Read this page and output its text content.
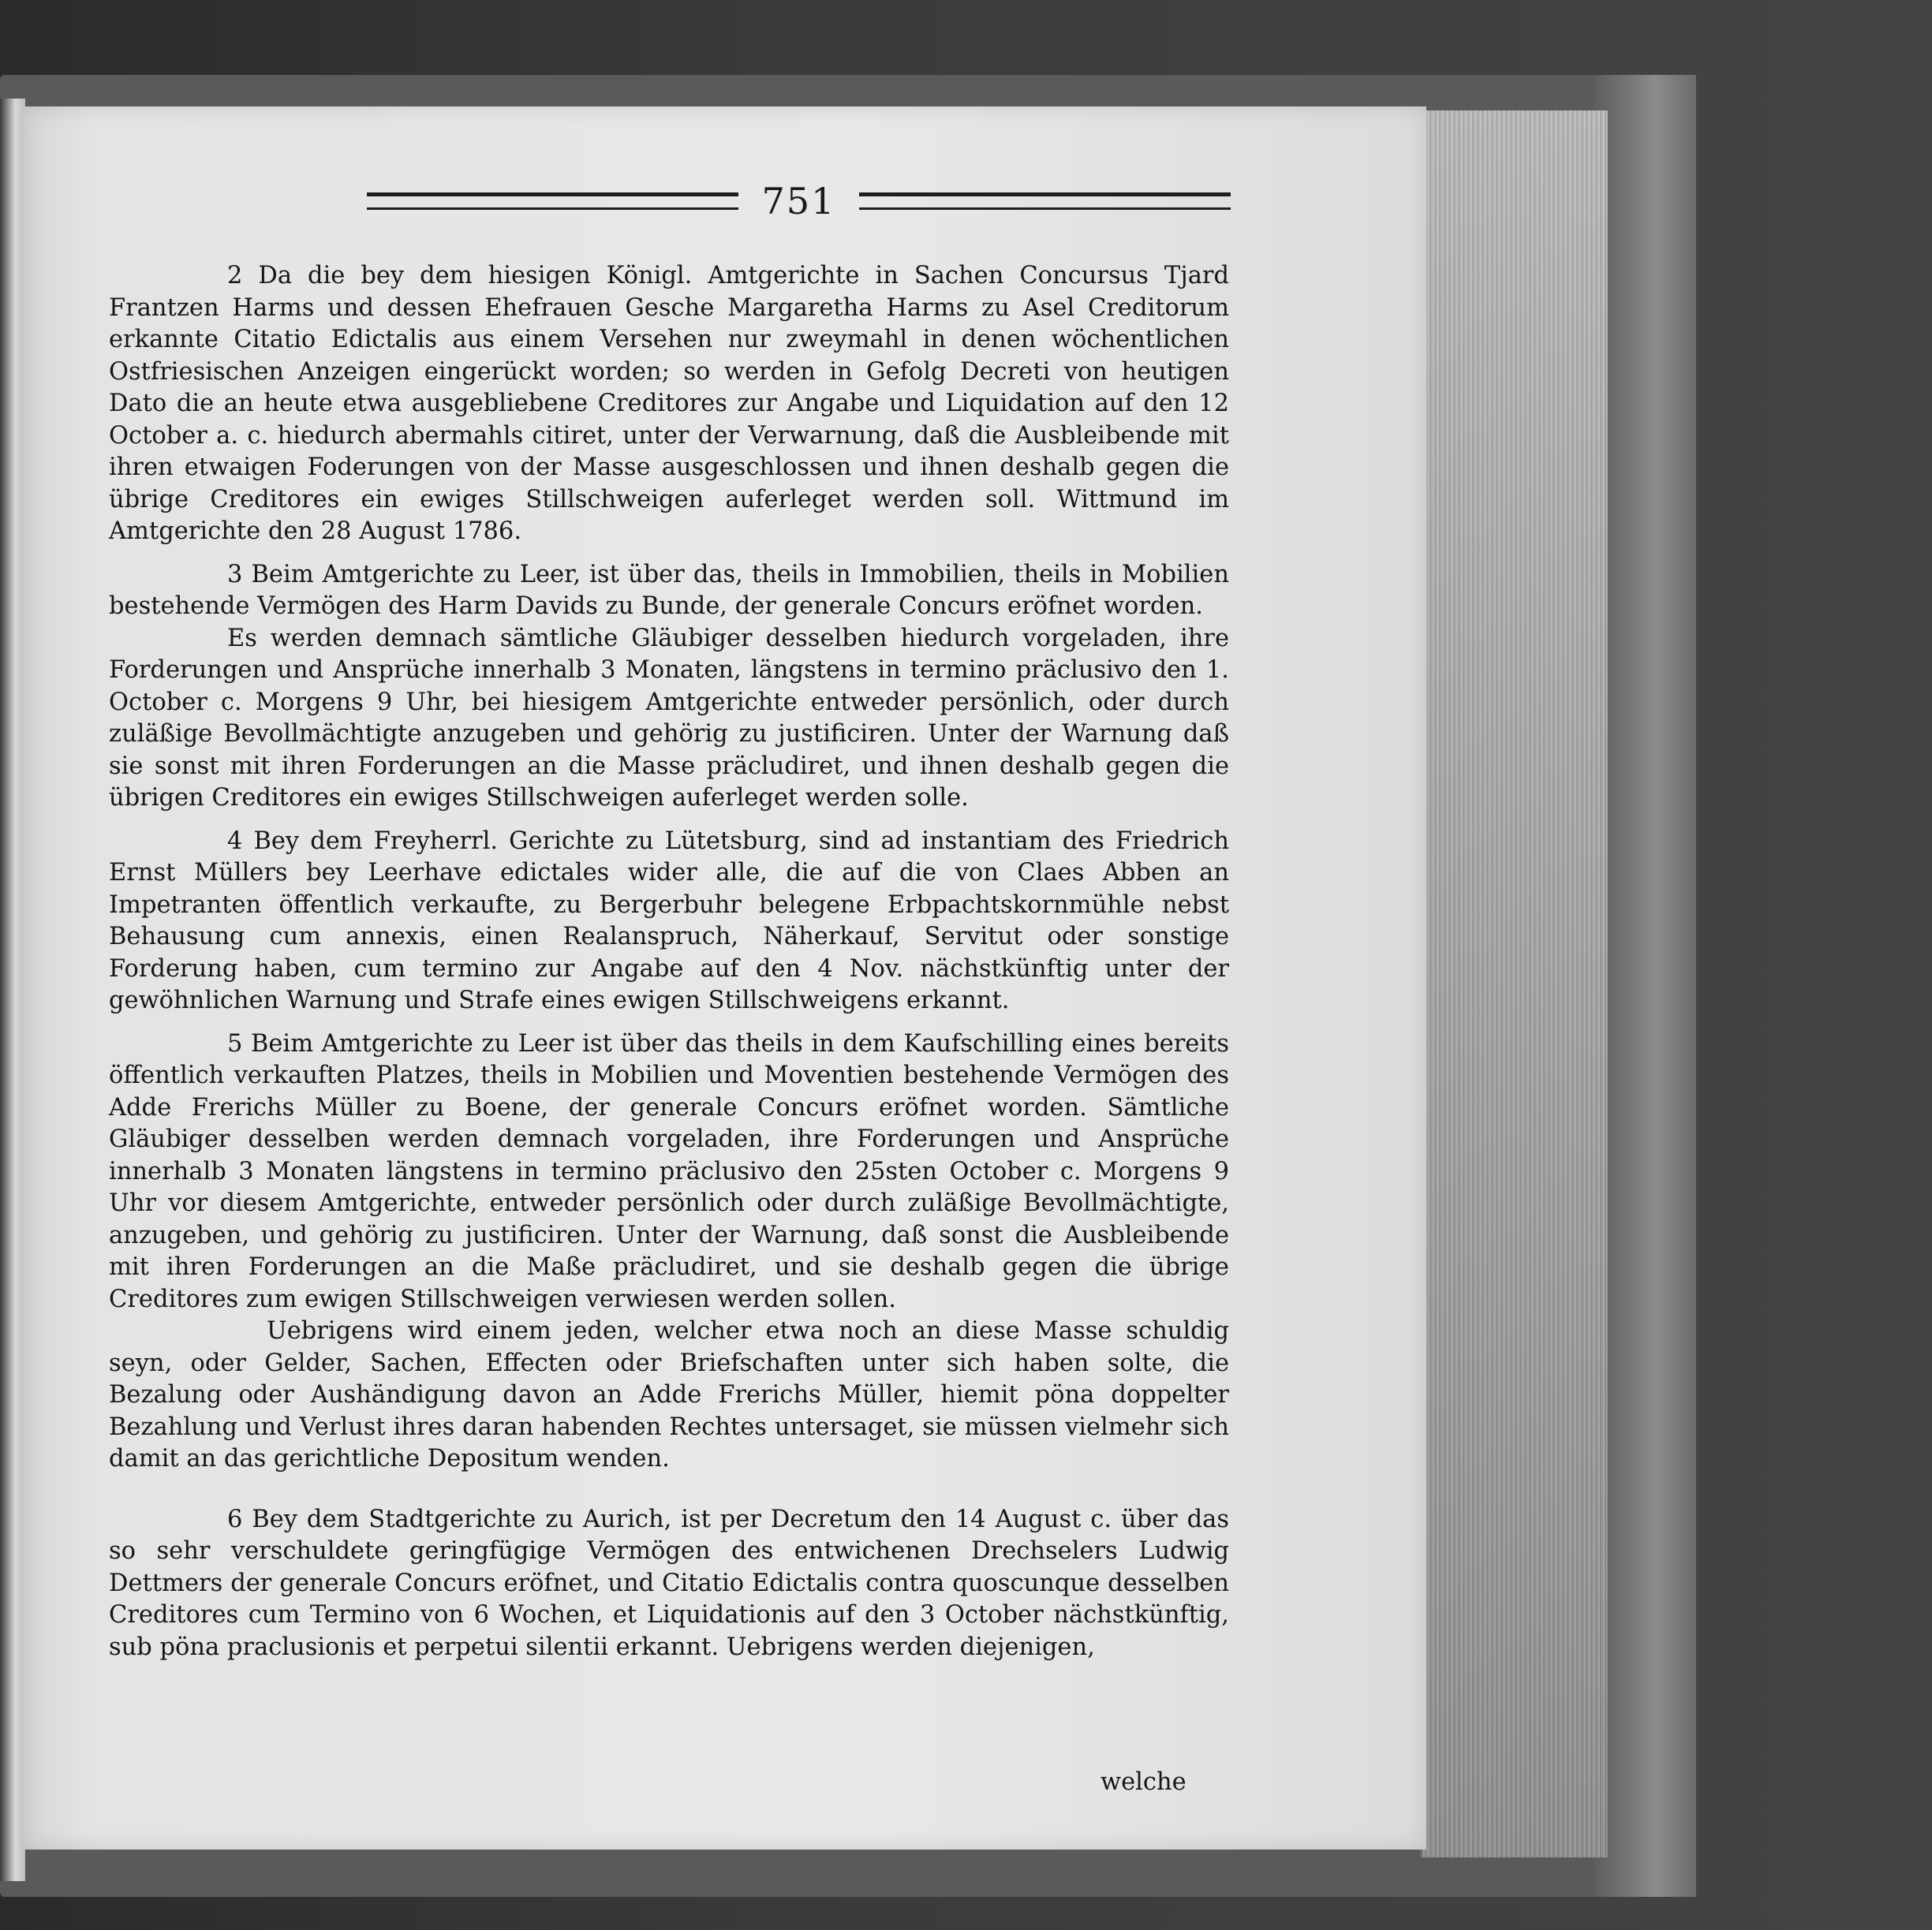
751

2 Da die bey dem hiesigen Königl. Amtgerichte in Sachen Concursus Tjard Frantzen Harms und dessen Ehefrauen Gesche Margaretha Harms zu Asel Creditorum erkannte Citatio Edictalis aus einem Versehen nur zweymahl in denen wöchentlichen Ostfriesischen Anzeigen eingerückt worden; so werden in Gefolg Decreti von heutigen Dato die an heute etwa ausgebliebene Creditores zur Angabe und Liquidation auf den 12 October a. c. hiedurch abermahls citiret, unter der Verwarnung, daß die Ausbleibende mit ihren etwaigen Foderungen von der Masse ausgeschlossen und ihnen deshalb gegen die übrige Creditores ein ewiges Stillschweigen auferleget werden soll. Wittmund im Amtgerichte den 28 August 1786.

3 Beim Amtgerichte zu Leer, ist über das, theils in Immobilien, theils in Mobilien bestehende Vermögen des Harm Davids zu Bunde, der generale Concurs eröfnet worden.

Es werden demnach sämtliche Gläubiger desselben hiedurch vorgeladen, ihre Forderungen und Ansprüche innerhalb 3 Monaten, längstens in termino präclusivo den 1. October c. Morgens 9 Uhr, bei hiesigem Amtgerichte entweder persönlich, oder durch zuläßige Bevollmächtigte anzugeben und gehörig zu justificiren. Unter der Warnung daß sie sonst mit ihren Forderungen an die Masse präcludiret, und ihnen deshalb gegen die übrigen Creditores ein ewiges Stillschweigen auferleget werden solle.

4 Bey dem Freyherrl. Gerichte zu Lütetsburg, sind ad instantiam des Friedrich Ernst Müllers bey Leerhave edictales wider alle, die auf die von Claes Abben an Impetranten öffentlich verkaufte, zu Bergerbuhr belegene Erbpachtskornmühle nebst Behausung cum annexis, einen Realanspruch, Näherkauf, Servitut oder sonstige Forderung haben, cum termino zur Angabe auf den 4 Nov. nächstkünftig unter der gewöhnlichen Warnung und Strafe eines ewigen Stillschweigens erkannt.

5 Beim Amtgerichte zu Leer ist über das theils in dem Kaufschilling eines bereits öffentlich verkauften Platzes, theils in Mobilien und Moventien bestehende Vermögen des Adde Frerichs Müller zu Boene, der generale Concurs eröfnet worden. Sämtliche Gläubiger desselben werden demnach vorgeladen, ihre Forderungen und Ansprüche innerhalb 3 Monaten längstens in termino präclusivo den 25sten October c. Morgens 9 Uhr vor diesem Amtgerichte, entweder persönlich oder durch zuläßige Bevollmächtigte, anzugeben, und gehörig zu justificiren. Unter der Warnung, daß sonst die Ausbleibende mit ihren Forderungen an die Maße präcludiret, und sie deshalb gegen die übrige Creditores zum ewigen Stillschweigen verwiesen werden sollen.

Uebrigens wird einem jeden, welcher etwa noch an diese Masse schuldig seyn, oder Gelder, Sachen, Effecten oder Briefschaften unter sich haben solte, die Bezalung oder Aushändigung davon an Adde Frerichs Müller, hiemit pöna doppelter Bezahlung und Verlust ihres daran habenden Rechtes untersaget, sie müssen vielmehr sich damit an das gerichtliche Depositum wenden.

6 Bey dem Stadtgerichte zu Aurich, ist per Decretum den 14 August c. über das so sehr verschuldete geringfügige Vermögen des entwichenen Drechselers Ludwig Dettmers der generale Concurs eröfnet, und Citatio Edictalis contra quoscunque desselben Creditores cum Termino von 6 Wochen, et Liquidationis auf den 3 October nächstkünftig, sub pöna praclusionis et perpetui silentii erkannt. Uebrigens werden diejenigen,

welche
